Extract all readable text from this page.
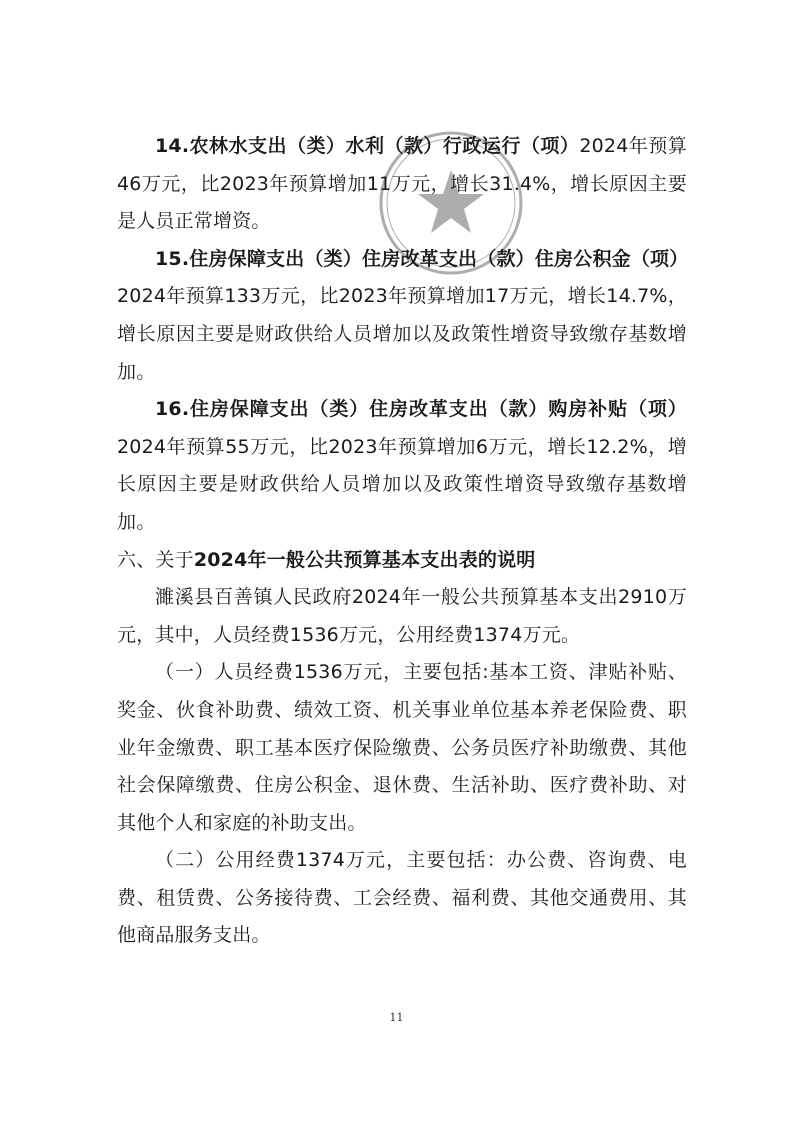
14.农林水支出（类）水利（款）行政运行（项）2024年预算46万元，比2023年预算增加11万元，增长31.4%，增长原因主要是人员正常增资。

15.住房保障支出（类）住房改革支出（款）住房公积金（项）2024年预算133万元，比2023年预算增加17万元，增长14.7%，增长原因主要是财政供给人员增加以及政策性增资导致缴存基数增加。

16.住房保障支出（类）住房改革支出（款）购房补贴（项）2024年预算55万元，比2023年预算增加6万元，增长12.2%，增长原因主要是财政供给人员增加以及政策性增资导致缴存基数增加。

六、关于2024年一般公共预算基本支出表的说明

濉溪县百善镇人民政府2024年一般公共预算基本支出2910万元，其中，人员经费1536万元，公用经费1374万元。

（一）人员经费1536万元，主要包括:基本工资、津贴补贴、奖金、伙食补助费、绩效工资、机关事业单位基本养老保险费、职业年金缴费、职工基本医疗保险缴费、公务员医疗补助缴费、其他社会保障缴费、住房公积金、退休费、生活补助、医疗费补助、对其他个人和家庭的补助支出。

（二）公用经费1374万元，主要包括：办公费、咨询费、电费、租赁费、公务接待费、工会经费、福利费、其他交通费用、其他商品服务支出。

11
